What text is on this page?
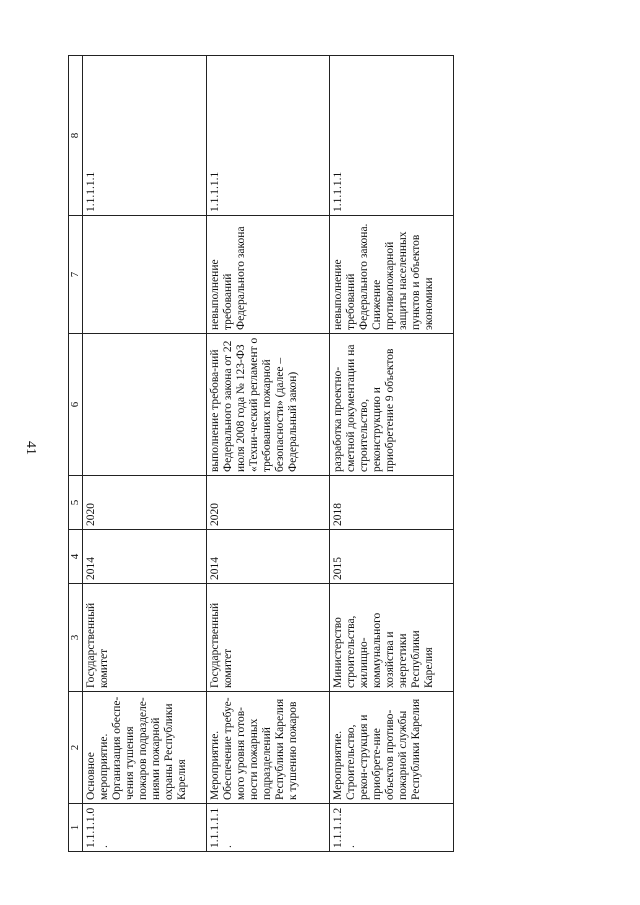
41
1	2	3	4	5	6	7	8
1.1.1.1.0.	Основное мероприятие. Организация обеспе-чения тушения пожаров подразделе-ниями пожарной охраны Республики Карелия	Государственный комитет	2014	2020			1.1.1.1.1
1.1.1.1.1.	Мероприятие. Обеспечение требуе-мого уровня готов-ности пожарных подразделений Республики Карелия к тушению пожаров	Государственный комитет	2014	2020	выполнение требова-ний Федерального закона от 22 июля 2008 года № 123-ФЗ «Техни-ческий регламент о требованиях пожарной безопасности» (далее – Федеральный закон)	невыполнение требований Федерального закона	1.1.1.1.1
1.1.1.1.2.	Мероприятие. Строительство, рекон-струкция и приобрете-ние объектов противо-пожарной службы Республики Карелия	Министерство строительства, жилищно-коммунального хозяйства и энергетики Республики Карелия	2015	2018	разработка проектно-сметной документации на строительство, реконструкцию и приобретение 9 объектов	невыполнение требований Федерального закона. Снижение противопожарной защиты населенных пунктов и объектов экономики	1.1.1.1.1
